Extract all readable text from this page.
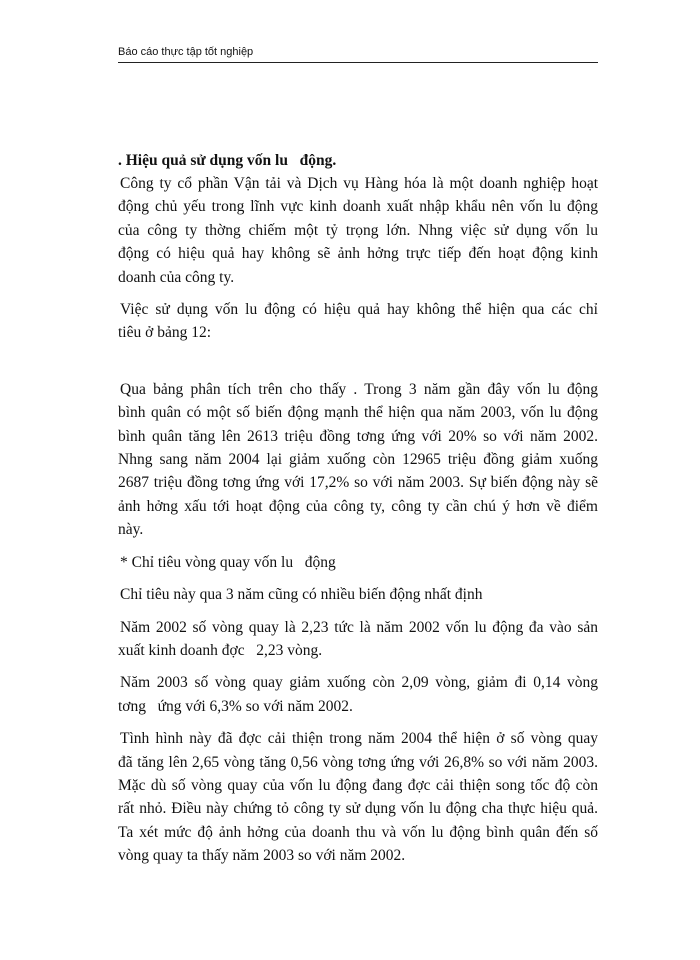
Báo cáo thực tập tốt nghiệp

. Hiệu quả sử dụng vốn lu   động.

Công ty cổ phần Vận tải và Dịch vụ Hàng hóa là một doanh nghiệp hoạt
động chủ yếu trong lĩnh vực kinh doanh xuất nhập khẩu nên vốn lu động
của công ty thờng chiếm một tỷ trọng lớn. Nhng việc sử dụng vốn lu
động có hiệu quả hay không sẽ ảnh hởng trực tiếp đến hoạt động kinh
doanh của công ty.

Việc sử dụng vốn lu động có hiệu quả hay không thể hiện qua các chỉ
tiêu ở bảng 12:

Qua bảng phân tích trên cho thấy . Trong 3 năm gần đây vốn lu động
bình quân có một số biến động mạnh thể hiện qua năm 2003, vốn lu động
bình quân tăng lên 2613 triệu đồng tơng ứng với 20% so với năm 2002.
Nhng sang năm 2004 lại giảm xuống còn 12965 triệu đồng giảm xuống
2687 triệu đồng tơng ứng với 17,2% so với năm 2003. Sự biến động này sẽ
ảnh hởng xấu tới hoạt động của công ty, công ty cần chú ý hơn về điểm
này.

* Chỉ tiêu vòng quay vốn lu   động

Chỉ tiêu này qua 3 năm cũng có nhiều biến động nhất định

Năm 2002 số vòng quay là 2,23 tức là năm 2002 vốn lu động đa vào sản
xuất kinh doanh đợc   2,23 vòng.

Năm 2003 số vòng quay giảm xuống còn 2,09 vòng, giảm đi 0,14 vòng
tơng   ứng với 6,3% so với năm 2002.

Tình hình này đã đợc cải thiện trong năm 2004 thể hiện ở số vòng quay
đã tăng lên 2,65 vòng tăng 0,56 vòng tơng ứng với 26,8% so với năm 2003.
Mặc dù số vòng quay của vốn lu động đang đợc cải thiện song tốc độ còn
rất nhỏ. Điều này chứng tỏ công ty sử dụng vốn lu động cha thực hiệu quả.
Ta xét mức độ ảnh hởng của doanh thu và vốn lu động bình quân đến số
vòng quay ta thấy năm 2003 so với năm 2002.
